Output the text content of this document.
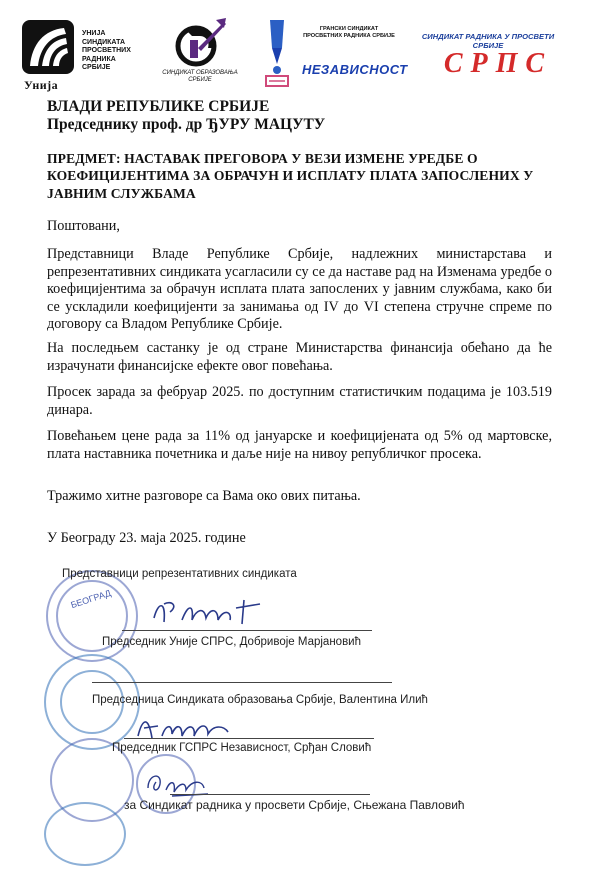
Унија
УНИЈА
СИНДИКАТА
ПРОСВЕТНИХ
РАДНИКА
СРБИЈЕ
СИНДИКАТ ОБРАЗОВАЊА
СРБИЈЕ
ГРАНСКИ СИНДИКАТ
ПРОСВЕТНИХ РАДНИКА СРБИЈЕ
НЕЗАВИСНОСТ
СИНДИКАТ РАДНИКА У ПРОСВЕТИ
СРБИЈЕ
СРПС
ВЛАДИ РЕПУБЛИКЕ СРБИЈЕ
Председнику проф. др ЂУРУ МАЦУТУ
ПРЕДМЕТ: НАСТАВАК ПРЕГОВОРА У ВЕЗИ ИЗМЕНЕ УРЕДБЕ О КОЕФИЦИЈЕНТИМА ЗА ОБРАЧУН И ИСПЛАТУ ПЛАТА ЗАПОСЛЕНИХ У ЈАВНИМ СЛУЖБАМА
Поштовани,
Представници Владе Републике Србије, надлежних министарстава и репрезентативних синдиката усагласили су се да наставе рад на Изменама уредбе о коефицијентима за обрачун исплата плата запослених у јавним службама, како би се ускладили коефицијенти за занимања од IV до VI степена стручне спреме по договору са Владом Републике Србије.
На последњем састанку је од стране Министарства финансија обећано да ће израчунати финансијске ефекте овог повећања.
Просек зарада за фебруар 2025. по доступним статистичким подацима је 103.519 динара.
Повећањем цене рада за 11% од јануарске и коефицијената од 5% од мартовске, плата наставника почетника и даље није на нивоу републичког просека.
Тражимо хитне разговоре са Вама око ових питања.
У Београду 23. маја 2025. године
БЕОГРАД
Представници репрезентативних синдиката
Председник Уније СПРС, Добривоје Марјановић
Председница Синдиката образовања Србије, Валентина Илић
Председник ГСПРС Независност, Срђан Словић
за Синдикат радника у просвети Србије, Сњежана Павловић
